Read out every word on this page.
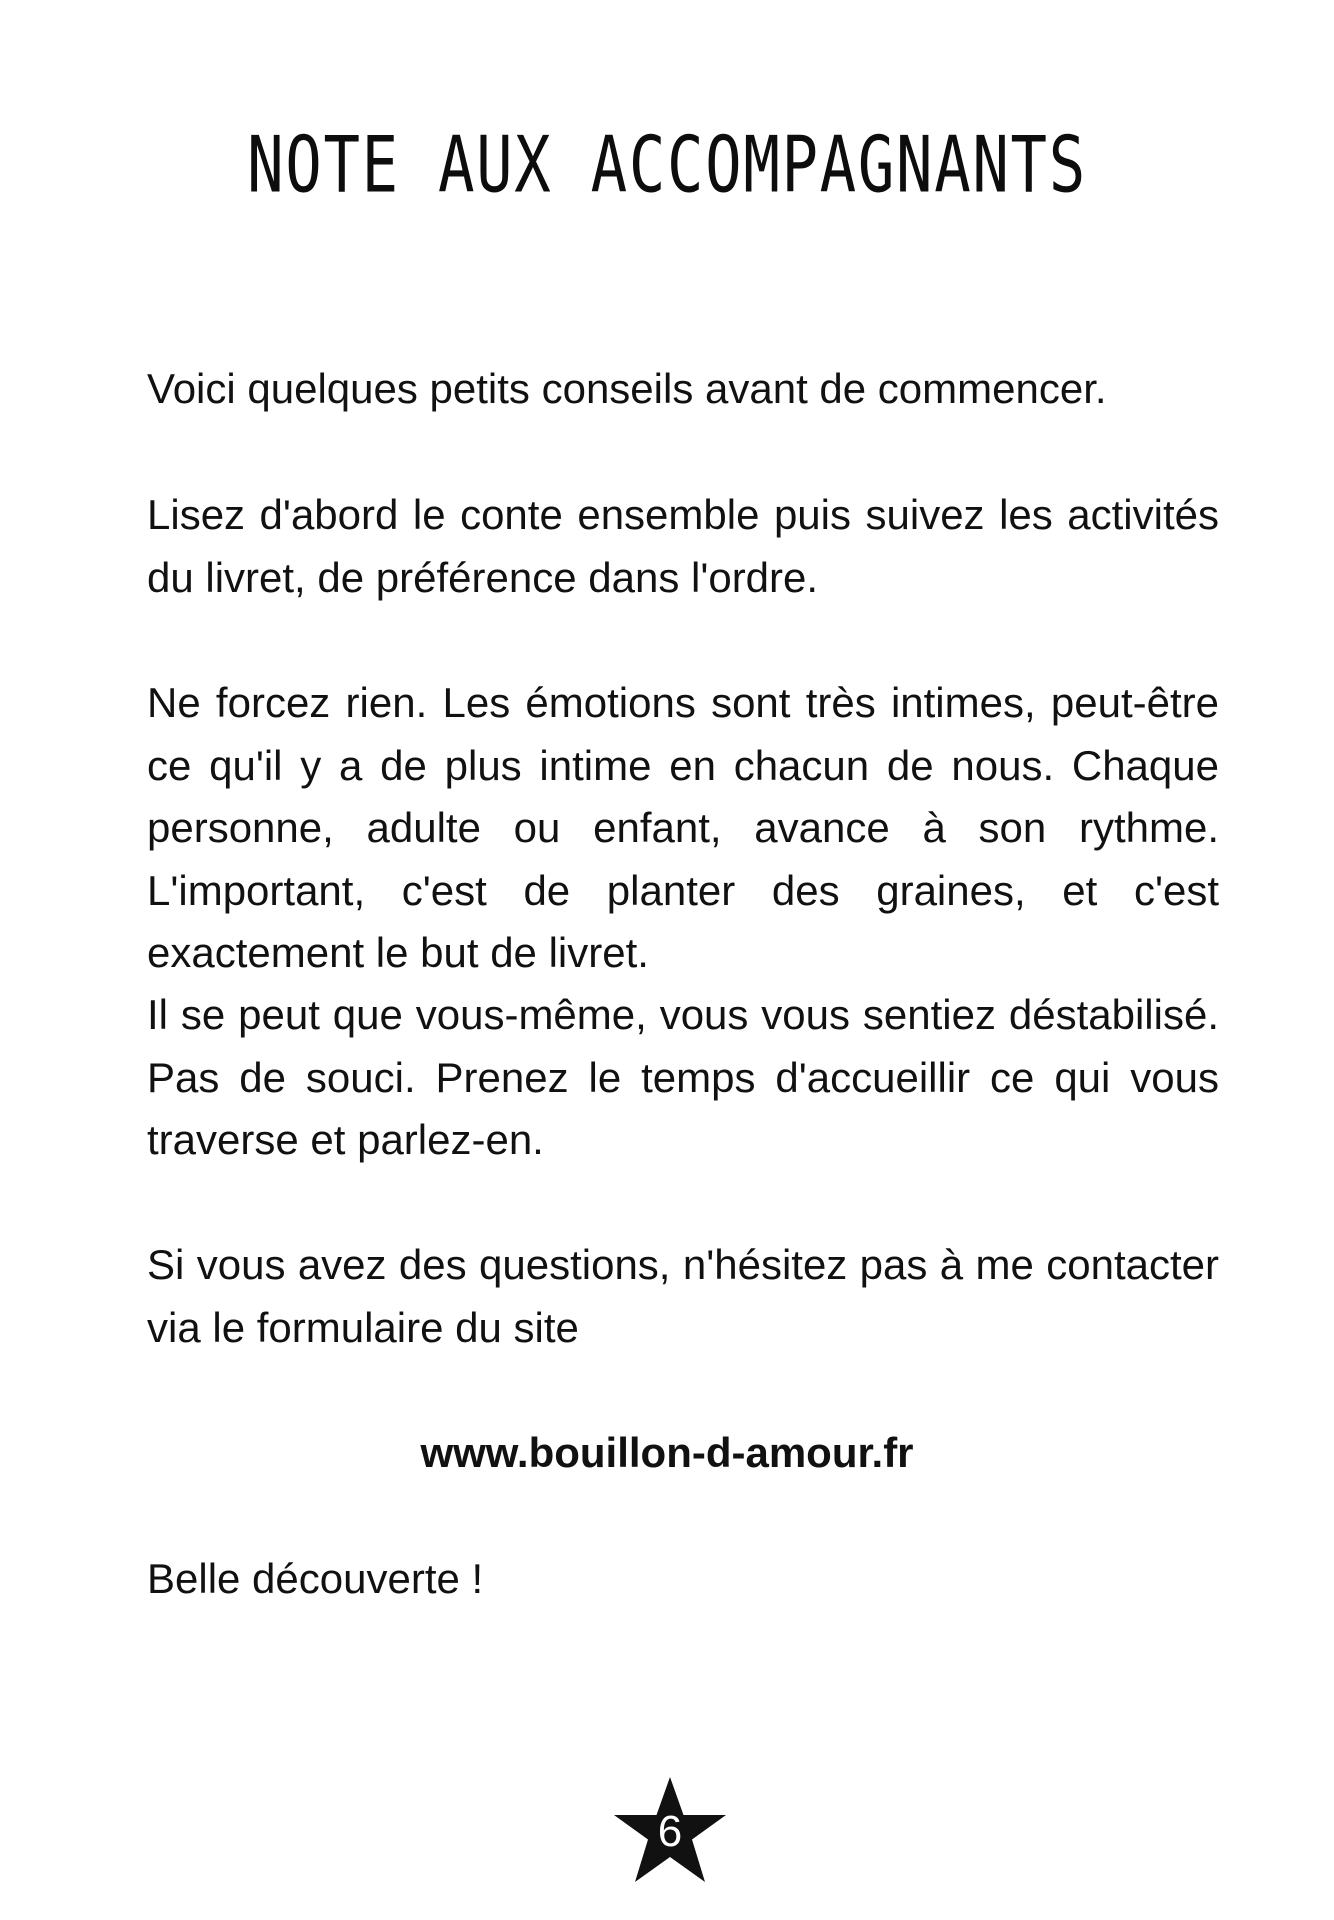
NOTE AUX ACCOMPAGNANTS

Voici quelques petits conseils avant de commencer.

Lisez d'abord le conte ensemble puis suivez les activités du livret, de préférence dans l'ordre.

Ne forcez rien. Les émotions sont très intimes, peut-être ce qu'il y a de plus intime en chacun de nous. Chaque personne, adulte ou enfant, avance à son rythme. L'important, c'est de planter des graines, et c'est exactement le but de livret.

Il se peut que vous-même, vous vous sentiez déstabilisé. Pas de souci. Prenez le temps d'accueillir ce qui vous traverse et parlez-en.

Si vous avez des questions, n'hésitez pas à me contacter via le formulaire du site

www.bouillon-d-amour.fr

Belle découverte !

6
